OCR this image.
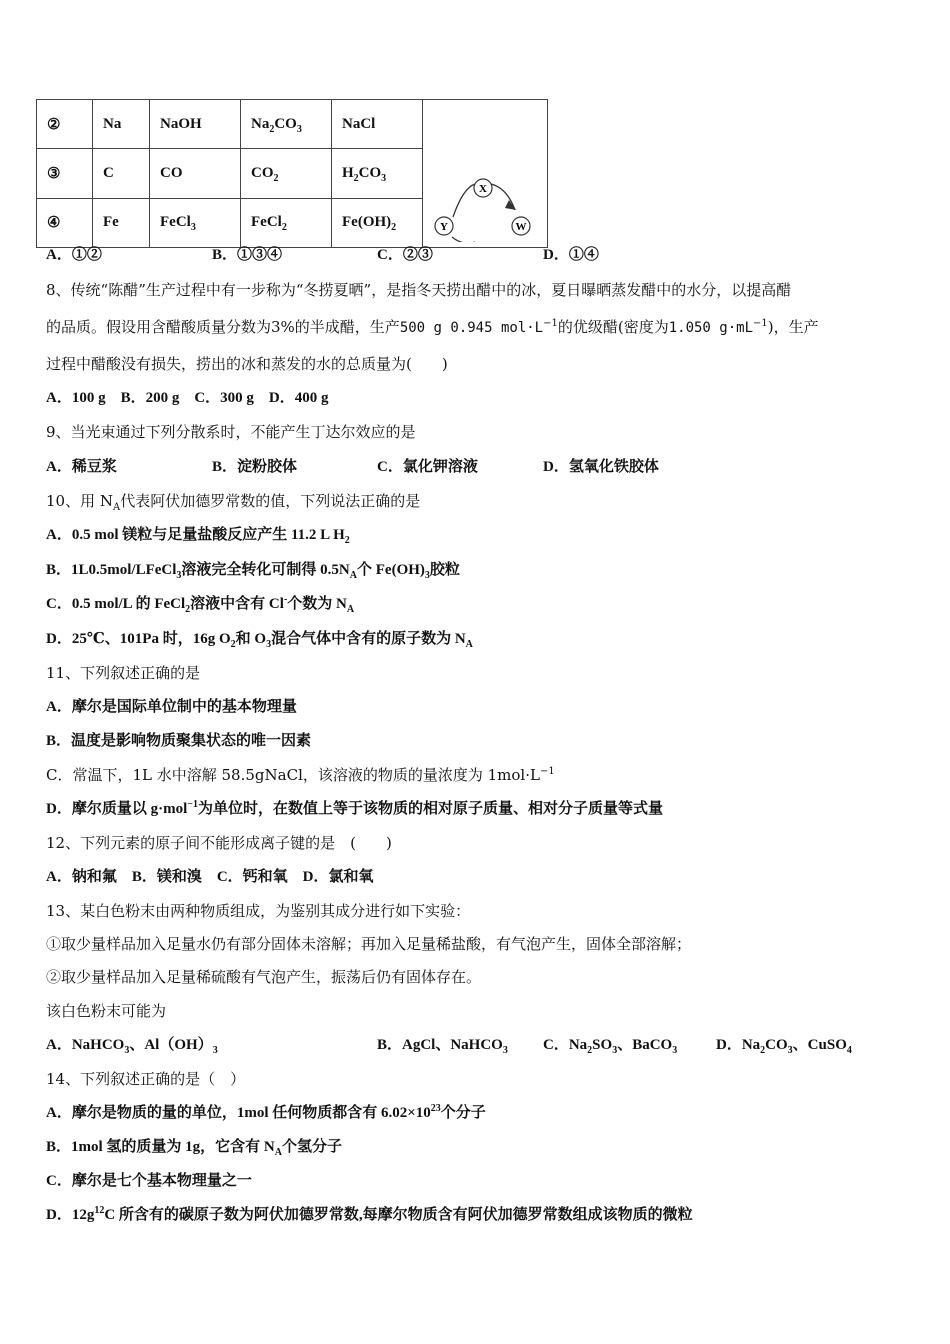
②	Na	NaOH	$Na_2CO_3$	NaCl	X
Y W

③	C	CO	$CO_2$	$H_2CO_3$
④	Fe	FeCl$_3$	FeCl$_2$	$Fe(OH)_2$
A．①②	B．①③④	C．②③	D．①④
8、传统“陈醋”生产过程中有一步称为“冬捞夏晒”，是指冬天捞出醋中的冰，夏日曝晒蒸发醋中的水分，以提高醋
的品质。假设用含醋酸质量分数为3%的半成醋，生产500 g 0.945 $mol\cdot L^{-1}$的优级醋(密度为1.050 $g\cdot mL^{-1}$)，生产
过程中醋酸没有损失，捞出的冰和蒸发的水的总质量为(　　)
A．100 g　B．200 g　C．300 g　D．400 g
9、当光束通过下列分散系时，不能产生丁达尔效应的是
A．稀豆浆	B．淀粉胶体	C．氯化钾溶液	D．氢氧化铁胶体
10、用 $N_A$代表阿伏加德罗常数的值，下列说法正确的是
A．0.5 mol 镁粒与足量盐酸反应产生 11.2 L $H_2$
B．1L0.5mol/LFeCl$_3$溶液完全转化可制得 $0.5N_A$个 $Fe(OH)_3$胶粒
C．0.5 mol/L 的 FeCl$_2$溶液中含有 Cl-个数为 $N_A$
D．25℃、101Pa 时，16g $O_2$和 $O_3$混合气体中含有的原子数为 $N_A$
11、下列叙述正确的是
A．摩尔是国际单位制中的基本物理量
B．温度是影响物质聚集状态的唯一因素
C．常温下，1L 水中溶解 58.5gNaCl，该溶液的物质的量浓度为 $1mol\cdot L^{-1}$
D．摩尔质量以 g·mol$^{-1}$为单位时，在数值上等于该物质的相对原子质量、相对分子质量等式量
12、下列元素的原子间不能形成离子键的是　(　　)
A．钠和氟　B．镁和溴　C．钙和氧　D．氯和氧
13、某白色粉末由两种物质组成，为鉴别其成分进行如下实验：
①取少量样品加入足量水仍有部分固体未溶解；再加入足量稀盐酸，有气泡产生，固体全部溶解；
②取少量样品加入足量稀硫酸有气泡产生，振荡后仍有固体存在。
该白色粉末可能为
A．NaHCO$_3$、$Al(OH)_3$	B．AgCl、NaHCO$_3$ C．$Na_2SO_3$、BaCO$_3$	D．$Na_2CO_3$、CuSO$_4$
14、下列叙述正确的是（　）
A．摩尔是物质的量的单位，1mol 任何物质都含有 $6.02\times 10^{23}$个分子
B．1mol 氢的质量为 1g，它含有 $N_A$个氢分子
C．摩尔是七个基本物理量之一
D．$12g^{12}C$ 所含有的碳原子数为阿伏加德罗常数,每摩尔物质含有阿伏加德罗常数组成该物质的微粒
